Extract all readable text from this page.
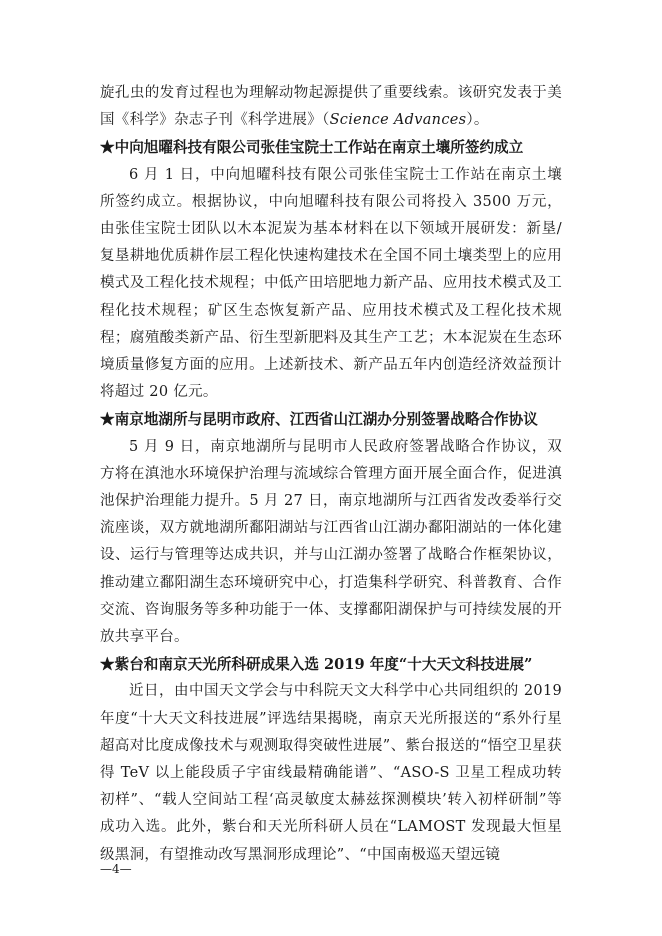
旋孔虫的发育过程也为理解动物起源提供了重要线索。该研究发表于美国《科学》杂志子刊《科学进展》（Science Advances）。

★中向旭曜科技有限公司张佳宝院士工作站在南京土壤所签约成立

6 月 1 日，中向旭曜科技有限公司张佳宝院士工作站在南京土壤所签约成立。根据协议，中向旭曜科技有限公司将投入 3500 万元，由张佳宝院士团队以木本泥炭为基本材料在以下领域开展研发：新垦/复垦耕地优质耕作层工程化快速构建技术在全国不同土壤类型上的应用模式及工程化技术规程；中低产田培肥地力新产品、应用技术模式及工程化技术规程；矿区生态恢复新产品、应用技术模式及工程化技术规程；腐殖酸类新产品、衍生型新肥料及其生产工艺；木本泥炭在生态环境质量修复方面的应用。上述新技术、新产品五年内创造经济效益预计将超过 20 亿元。

★南京地湖所与昆明市政府、江西省山江湖办分别签署战略合作协议

5 月 9 日，南京地湖所与昆明市人民政府签署战略合作协议，双方将在滇池水环境保护治理与流域综合管理方面开展全面合作，促进滇池保护治理能力提升。5 月 27 日，南京地湖所与江西省发改委举行交流座谈，双方就地湖所鄱阳湖站与江西省山江湖办鄱阳湖站的一体化建设、运行与管理等达成共识，并与山江湖办签署了战略合作框架协议，推动建立鄱阳湖生态环境研究中心，打造集科学研究、科普教育、合作交流、咨询服务等多种功能于一体、支撑鄱阳湖保护与可持续发展的开放共享平台。

★紫台和南京天光所科研成果入选 2019 年度“十大天文科技进展”

近日，由中国天文学会与中科院天文大科学中心共同组织的 2019 年度“十大天文科技进展”评选结果揭晓，南京天光所报送的“系外行星超高对比度成像技术与观测取得突破性进展”、紫台报送的“悟空卫星获得 TeV 以上能段质子宇宙线最精确能谱”、“ASO-S 卫星工程成功转初样”、“载人空间站工程‘高灵敏度太赫兹探测模块’转入初样研制”等成功入选。此外，紫台和天光所科研人员在“LAMOST 发现最大恒星级黑洞，有望推动改写黑洞形成理论”、“中国南极巡天望远镜

—4—
